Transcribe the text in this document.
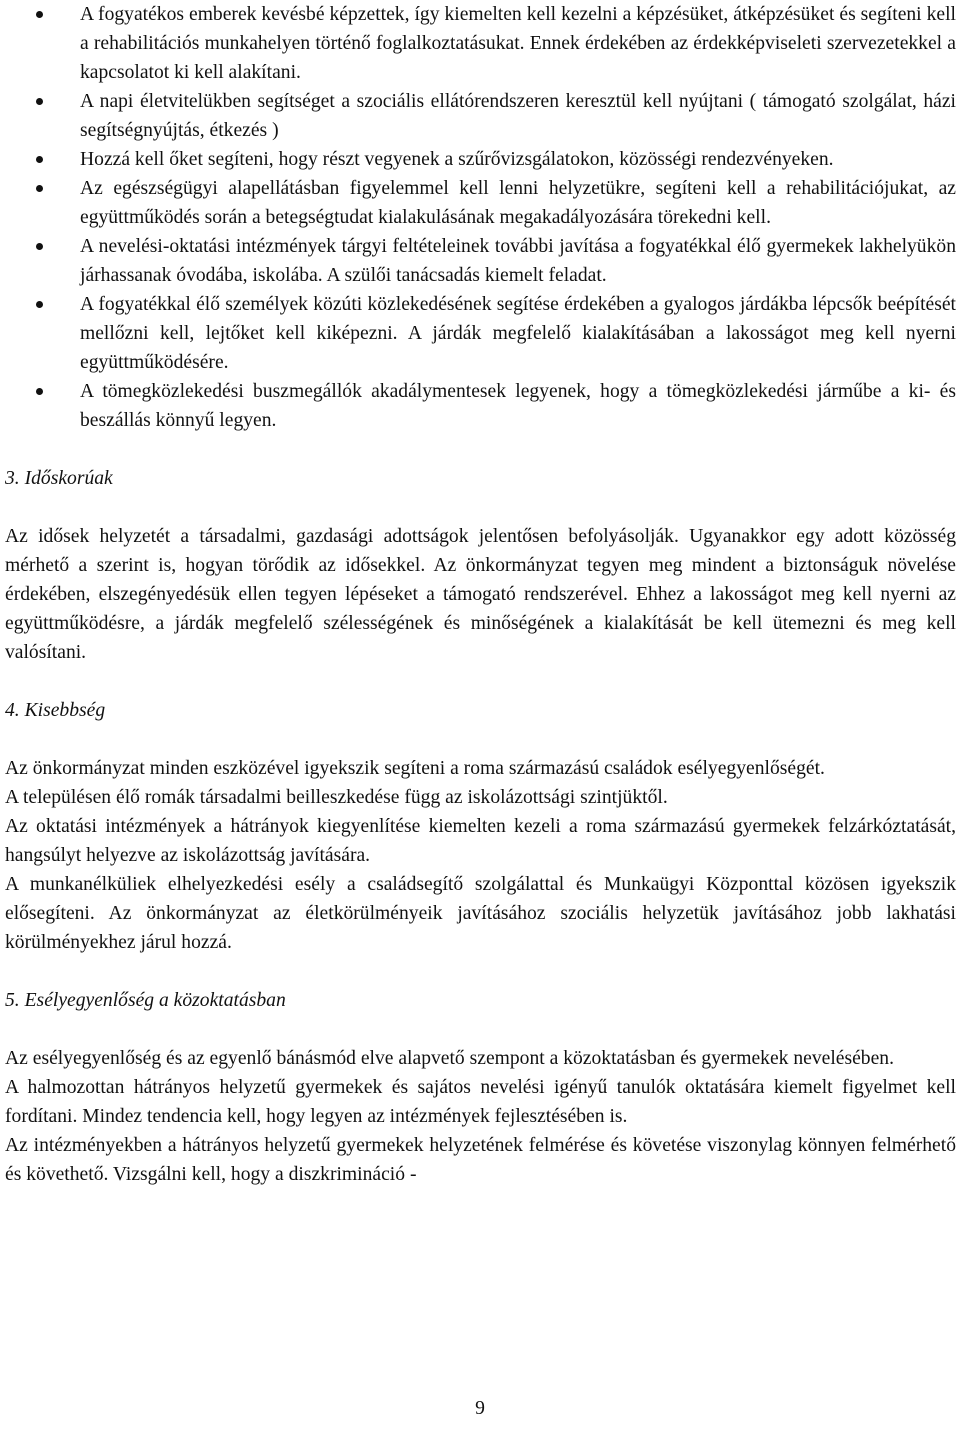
A fogyatékos emberek kevésbé képzettek, így kiemelten kell kezelni a képzésüket, átképzésüket és segíteni kell a rehabilitációs munkahelyen történő foglalkoztatásukat. Ennek érdekében az érdekképviseleti szervezetekkel a kapcsolatot ki kell alakítani.
A napi életvitelükben segítséget a szociális ellátórendszeren keresztül kell nyújtani ( támogató szolgálat, házi segítségnyújtás, étkezés )
Hozzá kell őket segíteni, hogy részt vegyenek a szűrővizsgálatokon, közösségi rendezvényeken.
Az egészségügyi alapellátásban figyelemmel kell lenni helyzetükre, segíteni kell a rehabilitációjukat, az együttműködés során a betegségtudat kialakulásának megakadályozására törekedni kell.
A nevelési-oktatási intézmények tárgyi feltételeinek további javítása a fogyatékkal élő gyermekek lakhelyükön járhassanak óvodába, iskolába. A szülői tanácsadás kiemelt feladat.
A fogyatékkal élő személyek közúti közlekedésének segítése érdekében a gyalogos járdákba lépcsők beépítését mellőzni kell, lejtőket kell kiképezni. A járdák megfelelő kialakításában a lakosságot meg kell nyerni együttműködésére.
A tömegközlekedési buszmegállók akadálymentesek legyenek, hogy a tömegközlekedési járműbe a ki- és beszállás könnyű legyen.
3. Időskorúak

Az idősek helyzetét a társadalmi, gazdasági adottságok jelentősen befolyásolják. Ugyanakkor egy adott közösség mérhető a szerint is, hogyan törődik az idősekkel. Az önkormányzat tegyen meg mindent a biztonságuk növelése érdekében, elszegényedésük ellen tegyen lépéseket a támogató rendszerével. Ehhez a lakosságot meg kell nyerni az együttműködésre, a járdák megfelelő szélességének és minőségének a kialakítását be kell ütemezni és meg kell valósítani.

4. Kisebbség

Az önkormányzat minden eszközével igyekszik segíteni a roma származású családok esélyegyenlőségét.

A településen élő romák társadalmi beilleszkedése függ az iskolázottsági szintjüktől.

Az oktatási intézmények a hátrányok kiegyenlítése kiemelten kezeli a roma származású gyermekek felzárkóztatását, hangsúlyt helyezve az iskolázottság javítására.

A munkanélküliek elhelyezkedési esély a családsegítő szolgálattal és Munkaügyi Központtal közösen igyekszik elősegíteni. Az önkormányzat az életkörülményeik javításához szociális helyzetük javításához jobb lakhatási körülményekhez járul hozzá.

5. Esélyegyenlőség a közoktatásban

Az esélyegyenlőség és az egyenlő bánásmód elve alapvető szempont a közoktatásban és gyermekek nevelésében.

A halmozottan hátrányos helyzetű gyermekek és sajátos nevelési igényű tanulók oktatására kiemelt figyelmet kell fordítani. Mindez tendencia kell, hogy legyen az intézmények fejlesztésében is.

Az intézményekben a hátrányos helyzetű gyermekek helyzetének felmérése és követése viszonylag könnyen felmérhető és követhető. Vizsgálni kell, hogy a diszkrimináció -

9
